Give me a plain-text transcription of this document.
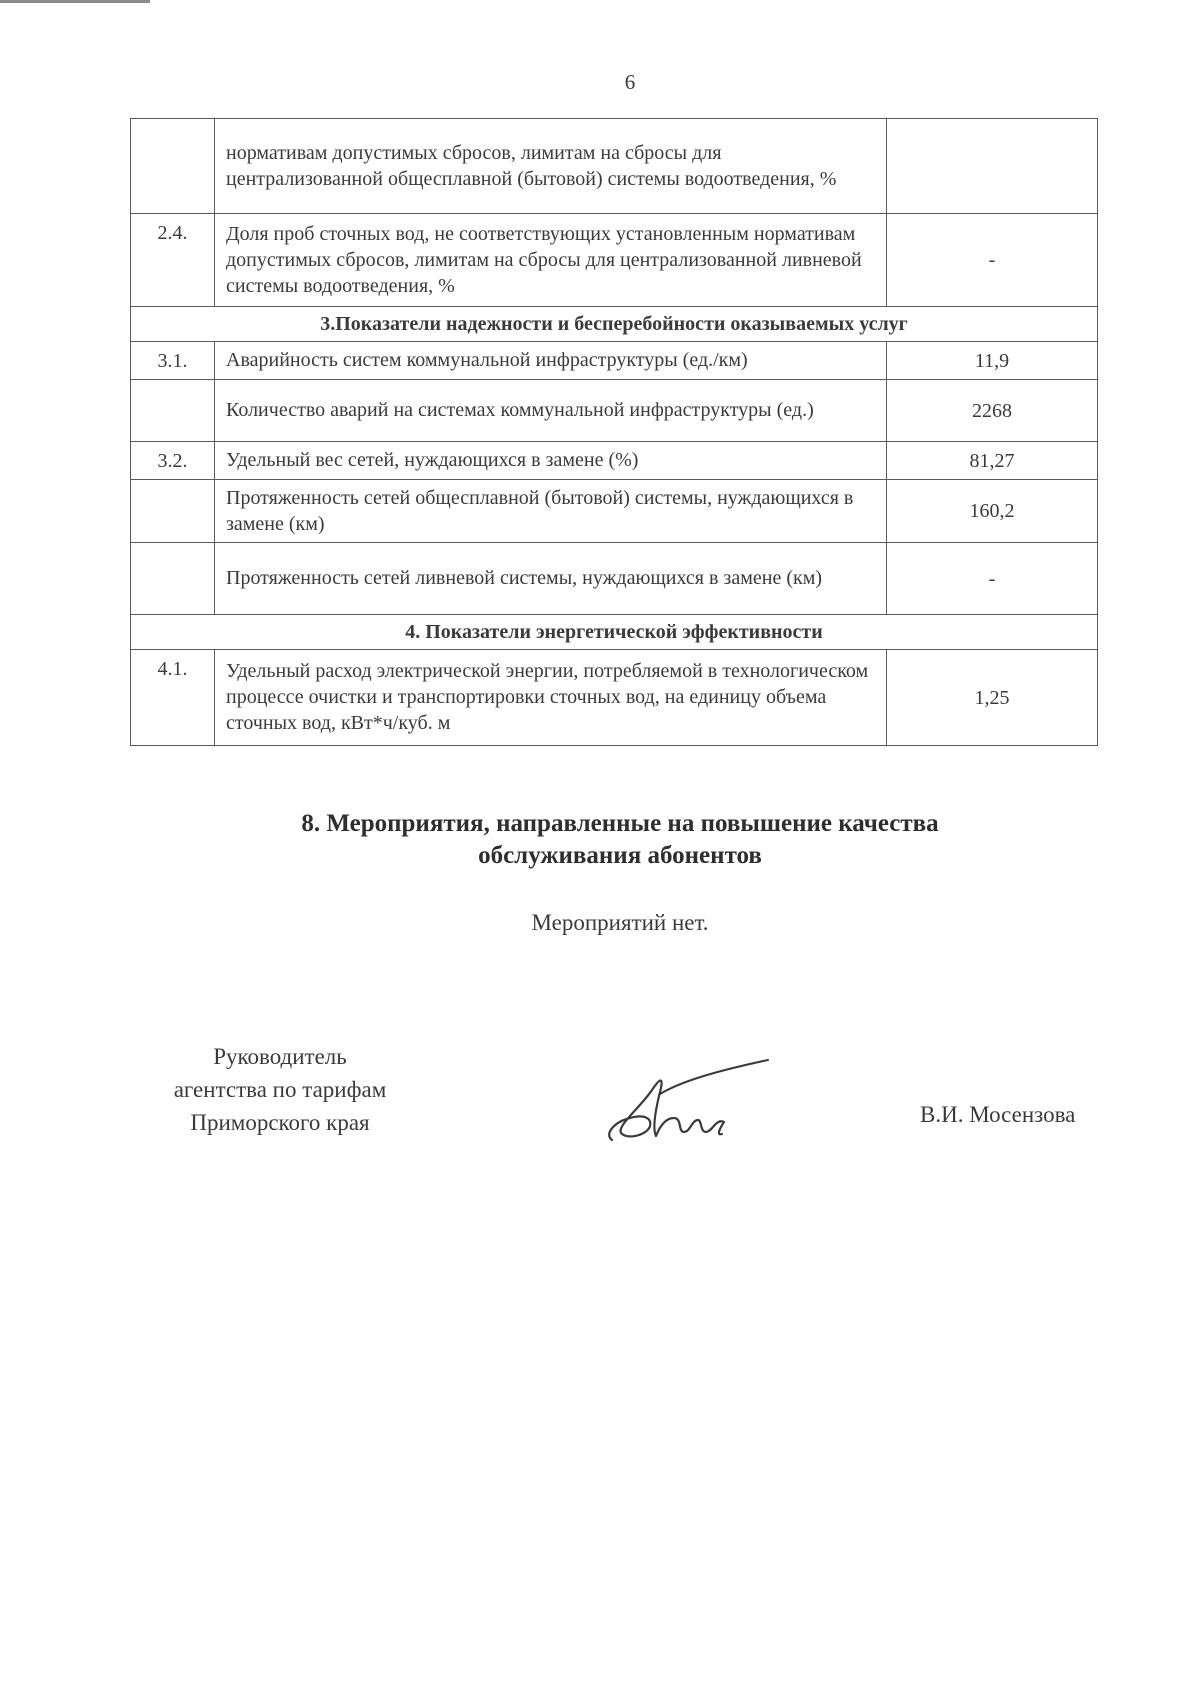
6
	нормативам допустимых сбросов, лимитам на сбросы для централизованной общесплавной (бытовой) системы водоотведения, %	
2.4.	Доля проб сточных вод, не соответствующих установленным нормативам допустимых сбросов, лимитам на сбросы для централизованной ливневой системы водоотведения, %	-
3.Показатели надежности и бесперебойности оказываемых услуг		
3.1.	Аварийность систем коммунальной инфраструктуры (ед./км)	11,9
	Количество аварий на системах коммунальной инфраструктуры (ед.)	2268
3.2.	Удельный вес сетей, нуждающихся в замене (%)	81,27
	Протяженность сетей общесплавной (бытовой) системы, нуждающихся в замене (км)	160,2
	Протяженность сетей ливневой системы, нуждающихся в замене (км)	-
4. Показатели энергетической эффективности		
4.1.	Удельный расход электрической энергии, потребляемой в технологическом процессе очистки и транспортировки сточных вод, на единицу объема сточных вод, кВт*ч/куб. м	1,25
8. Мероприятия, направленные на повышение качества
обслуживания абонентов
Мероприятий нет.
Руководитель
агентства по тарифам
Приморского края	В.И. Мосензова
